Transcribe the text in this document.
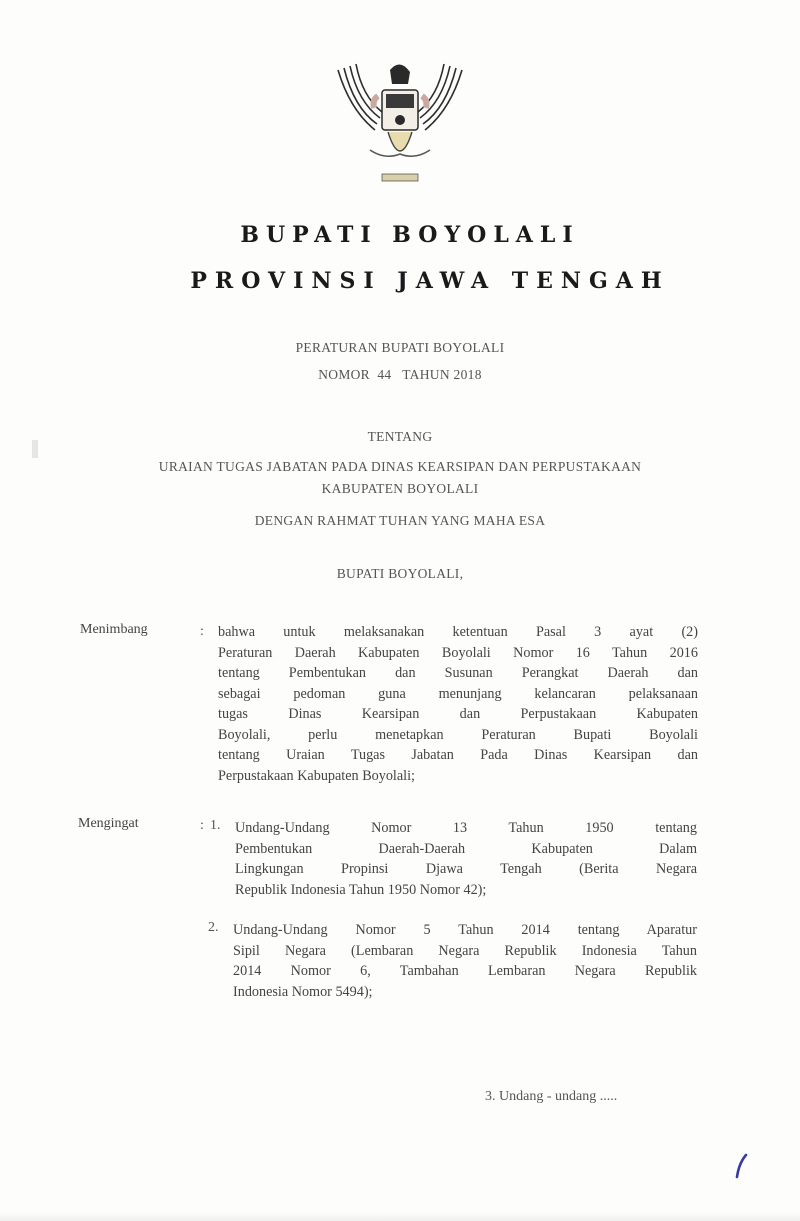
BUPATI BOYOLALI
PROVINSI JAWA TENGAH
PERATURAN BUPATI BOYOLALI
NOMOR  44   TAHUN 2018
TENTANG
URAIAN TUGAS JABATAN PADA DINAS KEARSIPAN DAN PERPUSTAKAAN
KABUPATEN BOYOLALI
DENGAN RAHMAT TUHAN YANG MAHA ESA
BUPATI BOYOLALI,
Menimbang	: bahwa untuk melaksanakan ketentuan Pasal 3 ayat (2)
Peraturan Daerah Kabupaten Boyolali Nomor 16 Tahun 2016
tentang Pembentukan dan Susunan Perangkat Daerah dan
sebagai pedoman guna menunjang kelancaran pelaksanaan
tugas Dinas Kearsipan dan Perpustakaan Kabupaten
Boyolali, perlu menetapkan Peraturan Bupati Boyolali
tentang Uraian Tugas Jabatan Pada Dinas Kearsipan dan
Perpustakaan Kabupaten Boyolali;
Mengingat	: 1. Undang-Undang Nomor 13 Tahun 1950 tentang
Pembentukan Daerah-Daerah Kabupaten Dalam
Lingkungan Propinsi Djawa Tengah (Berita Negara
Republik Indonesia Tahun 1950 Nomor 42);
2. Undang-Undang Nomor 5 Tahun 2014 tentang Aparatur
Sipil Negara (Lembaran Negara Republik Indonesia Tahun
2014 Nomor 6, Tambahan Lembaran Negara Republik
Indonesia Nomor 5494);
3. Undang - undang .....
